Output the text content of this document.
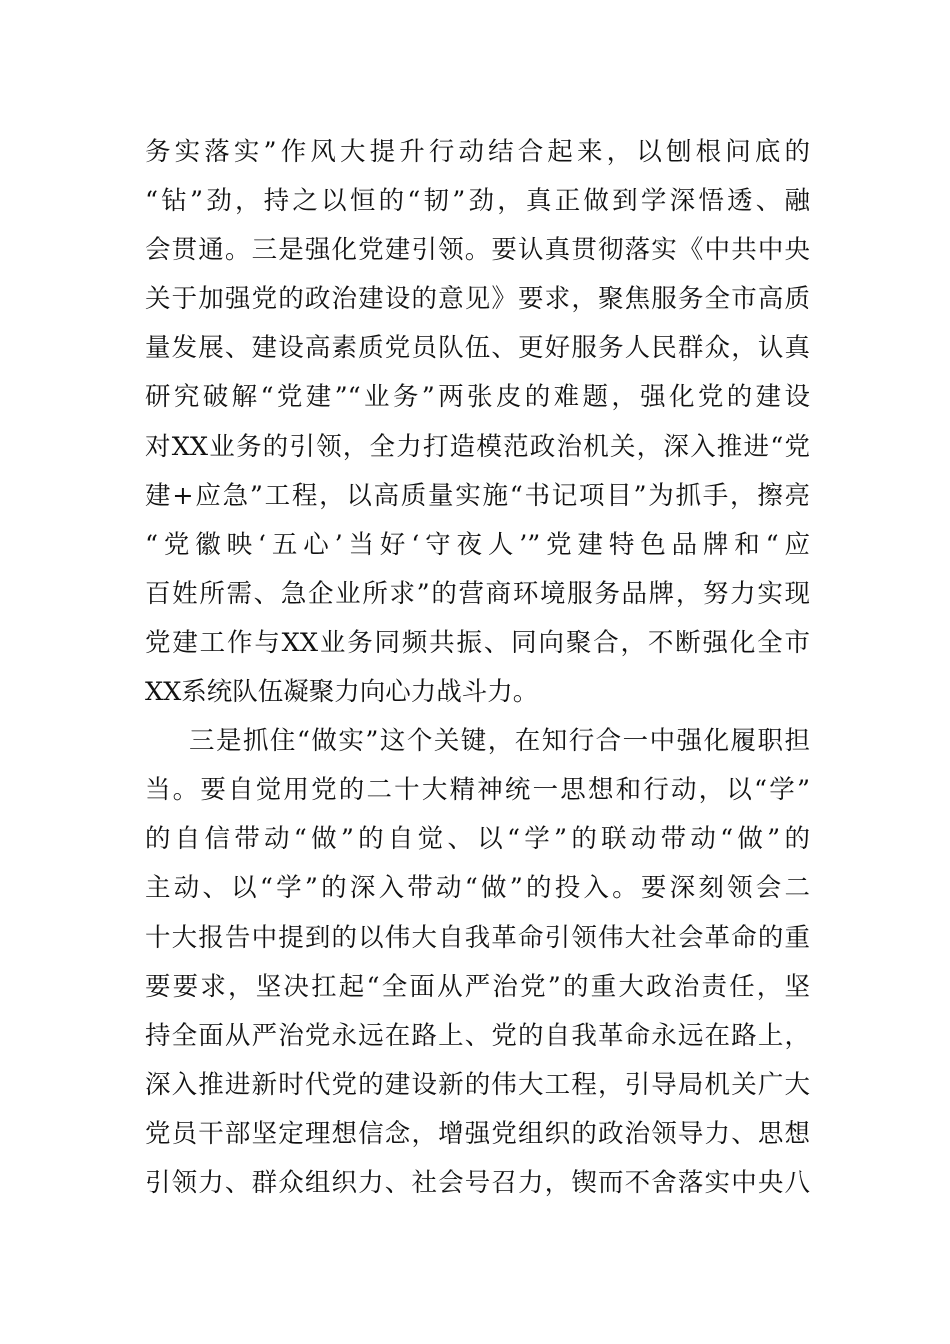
务实落实”作风大提升行动结合起来，以刨根问底的
“钻”劲，持之以恒的“韧”劲，真正做到学深悟透、融
会贯通。三是强化党建引领。要认真贯彻落实《中共中央
关于加强党的政治建设的意见》要求，聚焦服务全市高质
量发展、建设高素质党员队伍、更好服务人民群众，认真
研究破解“党建”“业务”两张皮的难题，强化党的建设
对XX业务的引领，全力打造模范政治机关，深入推进“党
建+应急”工程，以高质量实施“书记项目”为抓手，擦亮
“党徽映‘五心’当好‘守夜人’”党建特色品牌和“应
百姓所需、急企业所求”的营商环境服务品牌，努力实现
党建工作与XX业务同频共振、同向聚合，不断强化全市
XX系统队伍凝聚力向心力战斗力。
三是抓住“做实”这个关键，在知行合一中强化履职担
当。要自觉用党的二十大精神统一思想和行动，以“学”
的自信带动“做”的自觉、以“学”的联动带动“做”的
主动、以“学”的深入带动“做”的投入。要深刻领会二
十大报告中提到的以伟大自我革命引领伟大社会革命的重
要要求，坚决扛起“全面从严治党”的重大政治责任，坚
持全面从严治党永远在路上、党的自我革命永远在路上，
深入推进新时代党的建设新的伟大工程，引导局机关广大
党员干部坚定理想信念，增强党组织的政治领导力、思想
引领力、群众组织力、社会号召力，锲而不舍落实中央八
